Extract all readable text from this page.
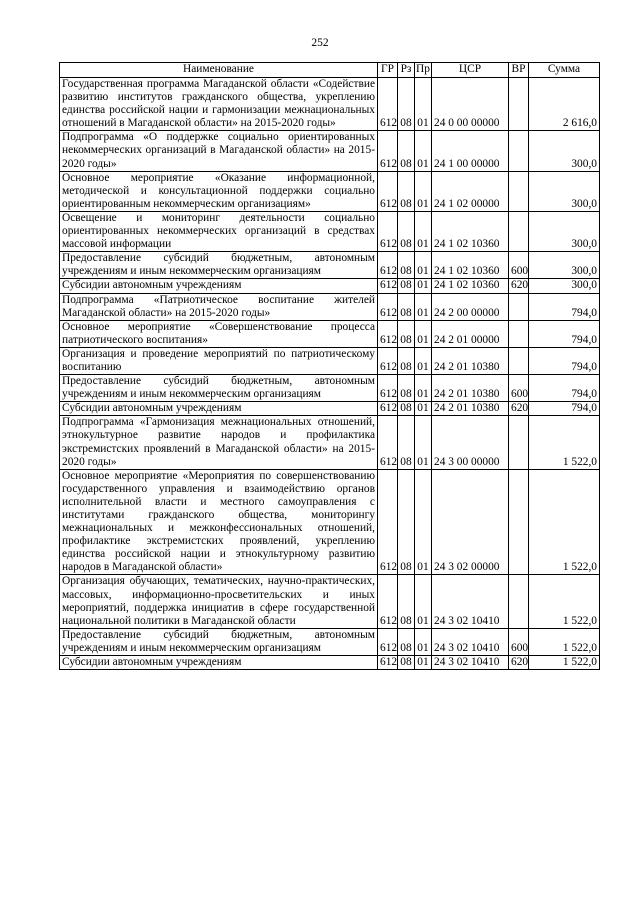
252
Наименование	ГР	Рз	Пр	ЦСР	ВР	Сумма
Государственная программа Магаданской области «Содействие развитию институтов гражданского общества, укреплению единства российской нации и гармонизации межнациональных отношений в Магаданской области» на 2015-2020 годы»	612	08	01	24 0 00 00000		2 616,0
Подпрограмма «О поддержке социально ориентированных некоммерческих организаций в Магаданской области» на 2015-2020 годы»	612	08	01	24 1 00 00000		300,0
Основное мероприятие «Оказание информационной, методической и консультационной поддержки социально ориентированным некоммерческим организациям»	612	08	01	24 1 02 00000		300,0
Освещение и мониторинг деятельности социально ориентированных некоммерческих организаций в средствах массовой информации	612	08	01	24 1 02 10360		300,0
Предоставление субсидий бюджетным, автономным учреждениям и иным некоммерческим организациям	612	08	01	24 1 02 10360	600	300,0
Субсидии автономным учреждениям	612	08	01	24 1 02 10360	620	300,0
Подпрограмма «Патриотическое воспитание жителей Магаданской области» на 2015-2020 годы»	612	08	01	24 2 00 00000		794,0
Основное мероприятие «Совершенствование процесса патриотического воспитания»	612	08	01	24 2 01 00000		794,0
Организация и проведение мероприятий по патриотическому воспитанию	612	08	01	24 2 01 10380		794,0
Предоставление субсидий бюджетным, автономным учреждениям и иным некоммерческим организациям	612	08	01	24 2 01 10380	600	794,0
Субсидии автономным учреждениям	612	08	01	24 2 01 10380	620	794,0
Подпрограмма «Гармонизация межнациональных отношений, этнокультурное развитие народов и профилактика экстремистских проявлений в Магаданской области» на 2015-2020 годы»	612	08	01	24 3 00 00000		1 522,0
Основное мероприятие «Мероприятия по совершенствованию государственного управления и взаимодействию органов исполнительной власти и местного самоуправления с институтами гражданского общества, мониторингу межнациональных и межконфессиональных отношений, профилактике экстремистских проявлений, укреплению единства российской нации и этнокультурному развитию народов в Магаданской области»	612	08	01	24 3 02 00000		1 522,0
Организация обучающих, тематических, научно-практических, массовых, информационно-просветительских и иных мероприятий, поддержка инициатив в сфере государственной национальной политики в Магаданской области	612	08	01	24 3 02 10410		1 522,0
Предоставление субсидий бюджетным, автономным учреждениям и иным некоммерческим организациям	612	08	01	24 3 02 10410	600	1 522,0
Субсидии автономным учреждениям	612	08	01	24 3 02 10410	620	1 522,0
